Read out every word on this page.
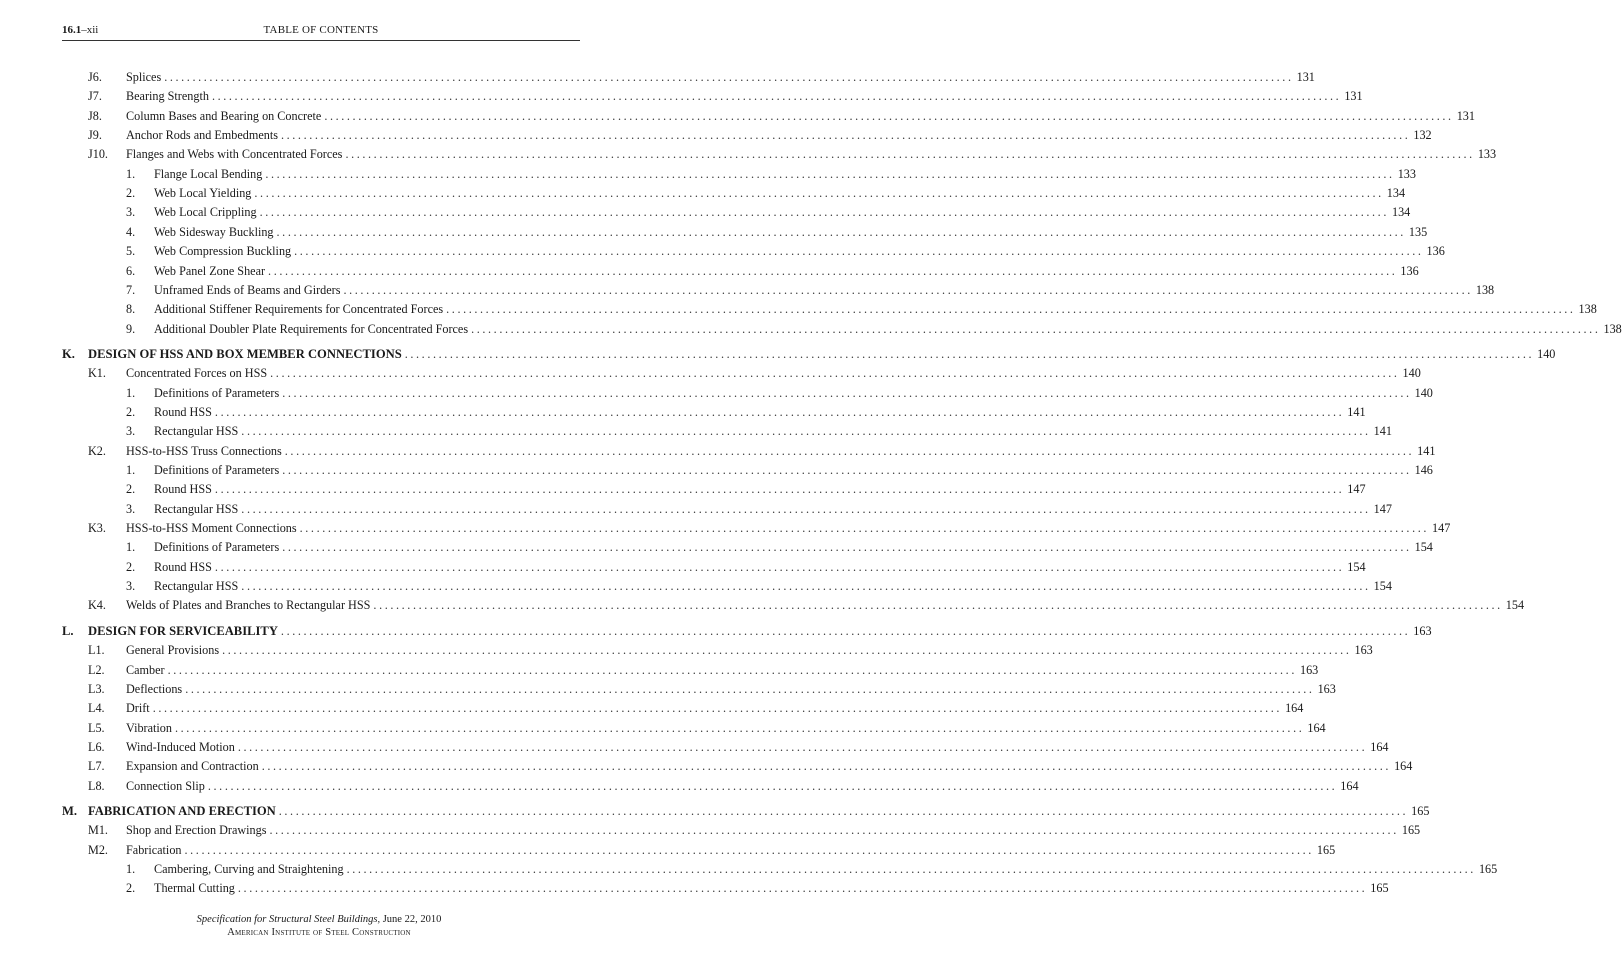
16.1–xii	TABLE OF CONTENTS
J6. Splices ........................................................................................................................................................................................................ 131
J7. Bearing Strength ........................................................................................................................................................................................................ 131
J8. Column Bases and Bearing on Concrete ........................................................................................................................................................................................................ 131
J9. Anchor Rods and Embedments ........................................................................................................................................................................................................ 132
J10. Flanges and Webs with Concentrated Forces ........................................................................................................................................................................................................ 133
1. Flange Local Bending ........................................................................................................................................................................................................ 133
2. Web Local Yielding ........................................................................................................................................................................................................ 134
3. Web Local Crippling ........................................................................................................................................................................................................ 134
4. Web Sidesway Buckling ........................................................................................................................................................................................................ 135
5. Web Compression Buckling ........................................................................................................................................................................................................ 136
6. Web Panel Zone Shear ........................................................................................................................................................................................................ 136
7. Unframed Ends of Beams and Girders ........................................................................................................................................................................................................ 138
8. Additional Stiffener Requirements for Concentrated Forces ........................................................................................................................................................................................................ 138
9. Additional Doubler Plate Requirements for Concentrated Forces ........................................................................................................................................................................................................ 138
K. DESIGN OF HSS AND BOX MEMBER CONNECTIONS ........................................................................................................................................................................................................ 140
K1. Concentrated Forces on HSS ........................................................................................................................................................................................................ 140
1. Definitions of Parameters ........................................................................................................................................................................................................ 140
2. Round HSS ........................................................................................................................................................................................................ 141
3. Rectangular HSS ........................................................................................................................................................................................................ 141
K2. HSS-to-HSS Truss Connections ........................................................................................................................................................................................................ 141
1. Definitions of Parameters ........................................................................................................................................................................................................ 146
2. Round HSS ........................................................................................................................................................................................................ 147
3. Rectangular HSS ........................................................................................................................................................................................................ 147
K3. HSS-to-HSS Moment Connections ........................................................................................................................................................................................................ 147
1. Definitions of Parameters ........................................................................................................................................................................................................ 154
2. Round HSS ........................................................................................................................................................................................................ 154
3. Rectangular HSS ........................................................................................................................................................................................................ 154
K4. Welds of Plates and Branches to Rectangular HSS ........................................................................................................................................................................................................ 154
L. DESIGN FOR SERVICEABILITY ........................................................................................................................................................................................................ 163
L1. General Provisions ........................................................................................................................................................................................................ 163
L2. Camber ........................................................................................................................................................................................................ 163
L3. Deflections ........................................................................................................................................................................................................ 163
L4. Drift ........................................................................................................................................................................................................ 164
L5. Vibration ........................................................................................................................................................................................................ 164
L6. Wind-Induced Motion ........................................................................................................................................................................................................ 164
L7. Expansion and Contraction ........................................................................................................................................................................................................ 164
L8. Connection Slip ........................................................................................................................................................................................................ 164
M. FABRICATION AND ERECTION ........................................................................................................................................................................................................ 165
M1. Shop and Erection Drawings ........................................................................................................................................................................................................ 165
M2. Fabrication ........................................................................................................................................................................................................ 165
1. Cambering, Curving and Straightening ........................................................................................................................................................................................................ 165
2. Thermal Cutting ........................................................................................................................................................................................................ 165
Specification for Structural Steel Buildings, June 22, 2010
American Institute of Steel Construction
